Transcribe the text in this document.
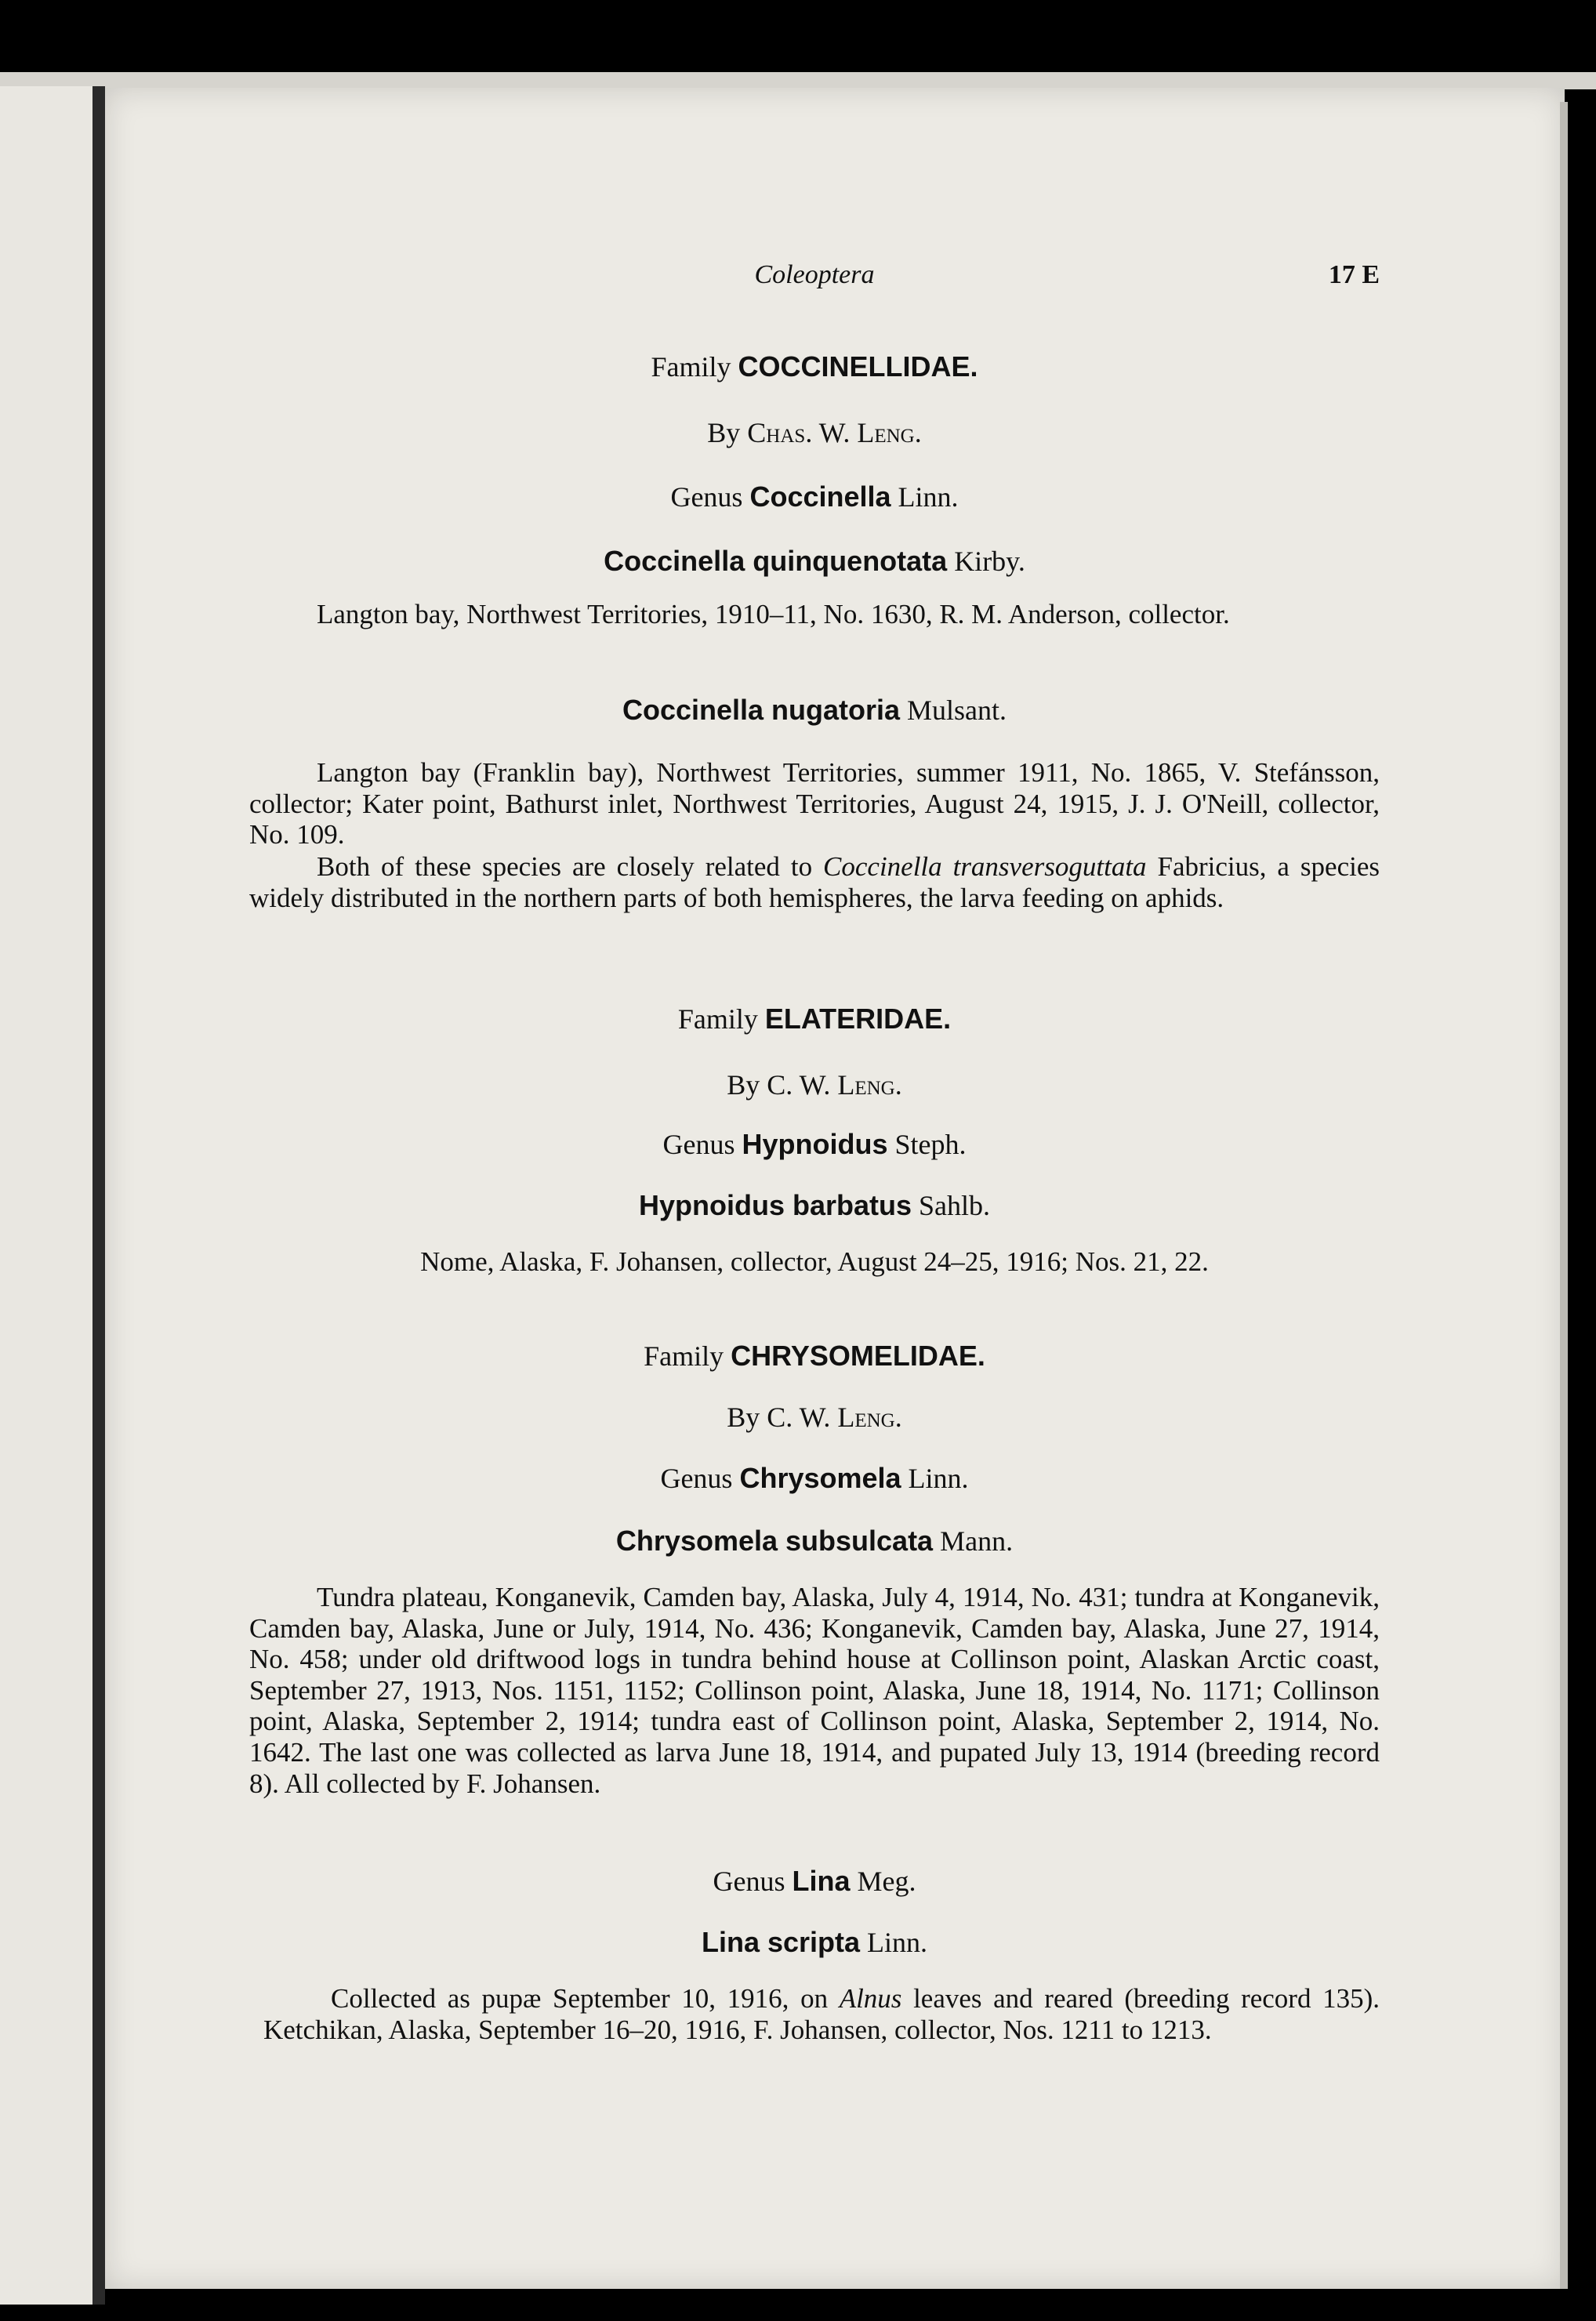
Coleoptera	17 E
Family COCCINELLIDAE.
By Chas. W. Leng.
Genus Coccinella Linn.
Coccinella quinquenotata Kirby.
Langton bay, Northwest Territories, 1910–11, No. 1630, R. M. Anderson, collector.
Coccinella nugatoria Mulsant.
Langton bay (Franklin bay), Northwest Territories, summer 1911, No. 1865, V. Stefánsson, collector; Kater point, Bathurst inlet, Northwest Territories, August 24, 1915, J. J. O'Neill, collector, No. 109.
Both of these species are closely related to Coccinella transversoguttata Fabricius, a species widely distributed in the northern parts of both hemispheres, the larva feeding on aphids.
Family ELATERIDAE.
By C. W. Leng.
Genus Hypnoidus Steph.
Hypnoidus barbatus Sahlb.
Nome, Alaska, F. Johansen, collector, August 24–25, 1916; Nos. 21, 22.
Family CHRYSOMELIDAE.
By C. W. Leng.
Genus Chrysomela Linn.
Chrysomela subsulcata Mann.
Tundra plateau, Konganevik, Camden bay, Alaska, July 4, 1914, No. 431; tundra at Konganevik, Camden bay, Alaska, June or July, 1914, No. 436; Konganevik, Camden bay, Alaska, June 27, 1914, No. 458; under old driftwood logs in tundra behind house at Collinson point, Alaskan Arctic coast, September 27, 1913, Nos. 1151, 1152; Collinson point, Alaska, June 18, 1914, No. 1171; Collinson point, Alaska, September 2, 1914; tundra east of Collinson point, Alaska, September 2, 1914, No. 1642. The last one was collected as larva June 18, 1914, and pupated July 13, 1914 (breeding record 8). All collected by F. Johansen.
Genus Lina Meg.
Lina scripta Linn.
Collected as pupæ September 10, 1916, on Alnus leaves and reared (breeding record 135). Ketchikan, Alaska, September 16–20, 1916, F. Johansen, collector, Nos. 1211 to 1213.
